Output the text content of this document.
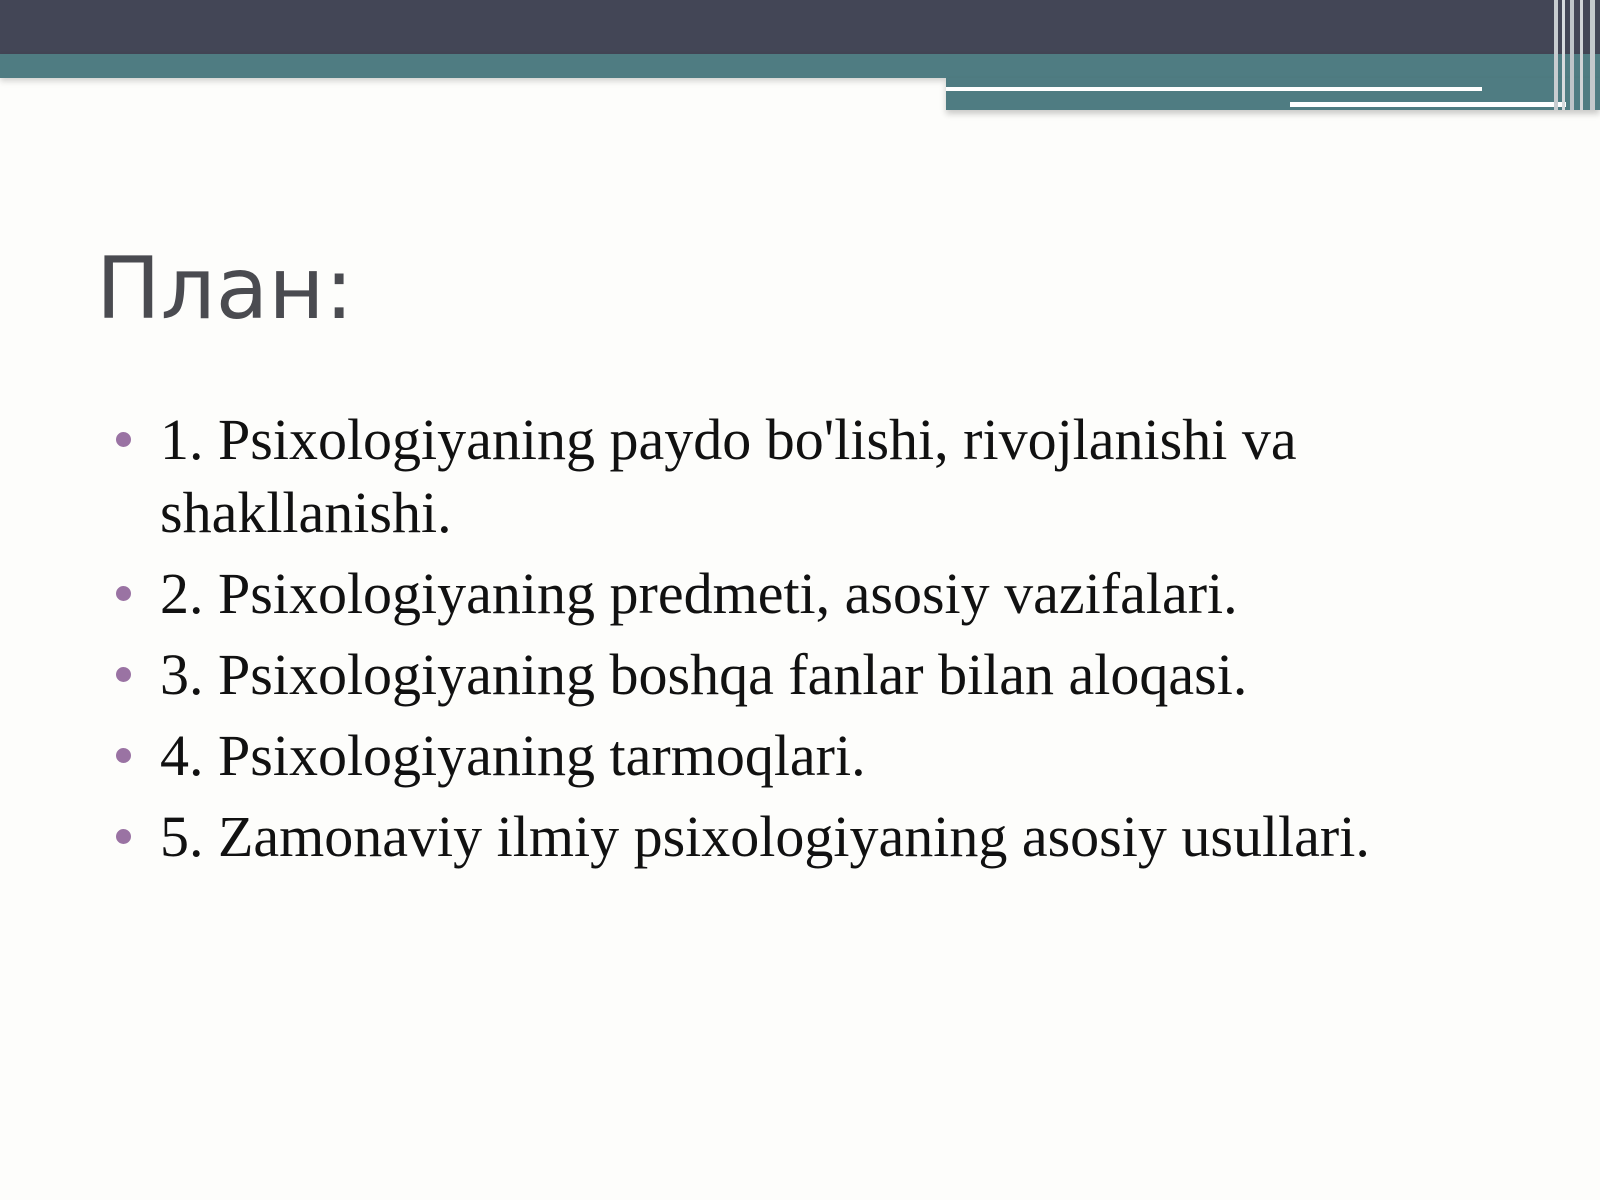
План:
1. Psixologiyaning paydo bo'lishi, rivojlanishi va shakllanishi.
2. Psixologiyaning predmeti, asosiy vazifalari.
3. Psixologiyaning boshqa fanlar bilan aloqasi.
4. Psixologiyaning tarmoqlari.
5. Zamonaviy ilmiy psixologiyaning asosiy usullari.
